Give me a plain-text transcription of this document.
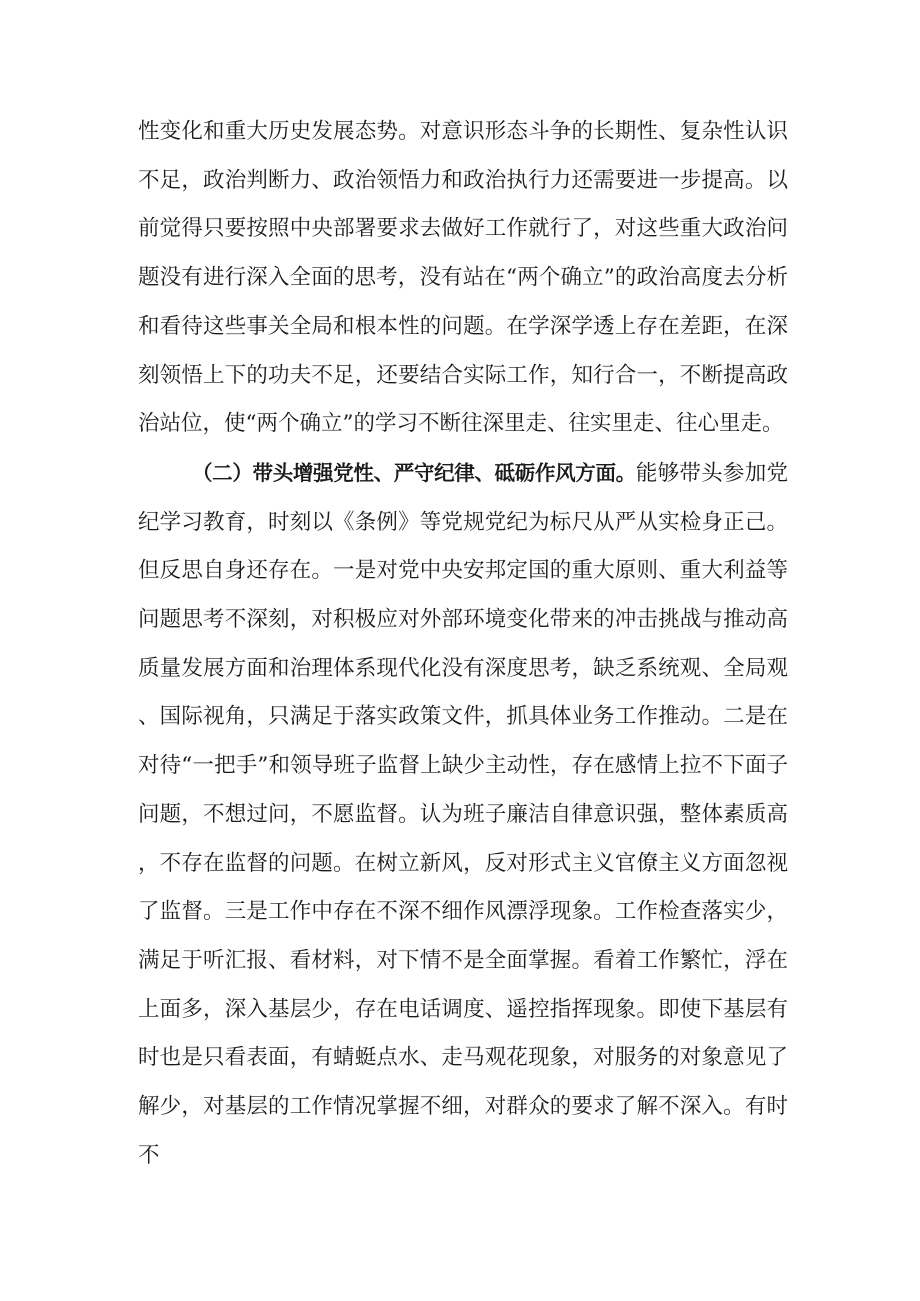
性变化和重大历史发展态势。对意识形态斗争的长期性、复杂性认识不足，政治判断力、政治领悟力和政治执行力还需要进一步提高。以前觉得只要按照中央部署要求去做好工作就行了，对这些重大政治问题没有进行深入全面的思考，没有站在“两个确立”的政治高度去分析和看待这些事关全局和根本性的问题。在学深学透上存在差距，在深刻领悟上下的功夫不足，还要结合实际工作，知行合一，不断提高政治站位，使“两个确立”的学习不断往深里走、往实里走、往心里走。

（二）带头增强党性、严守纪律、砥砺作风方面。能够带头参加党纪学习教育，时刻以《条例》等党规党纪为标尺从严从实检身正己。但反思自身还存在。一是对党中央安邦定国的重大原则、重大利益等问题思考不深刻，对积极应对外部环境变化带来的冲击挑战与推动高质量发展方面和治理体系现代化没有深度思考，缺乏系统观、全局观、国际视角，只满足于落实政策文件，抓具体业务工作推动。二是在对待“一把手”和领导班子监督上缺少主动性，存在感情上拉不下面子问题，不想过问，不愿监督。认为班子廉洁自律意识强，整体素质高，不存在监督的问题。在树立新风，反对形式主义官僚主义方面忽视了监督。三是工作中存在不深不细作风漂浮现象。工作检查落实少，满足于听汇报、看材料，对下情不是全面掌握。看着工作繁忙，浮在上面多，深入基层少，存在电话调度、遥控指挥现象。即使下基层有时也是只看表面，有蜻蜓点水、走马观花现象，对服务的对象意见了解少，对基层的工作情况掌握不细，对群众的要求了解不深入。有时不
